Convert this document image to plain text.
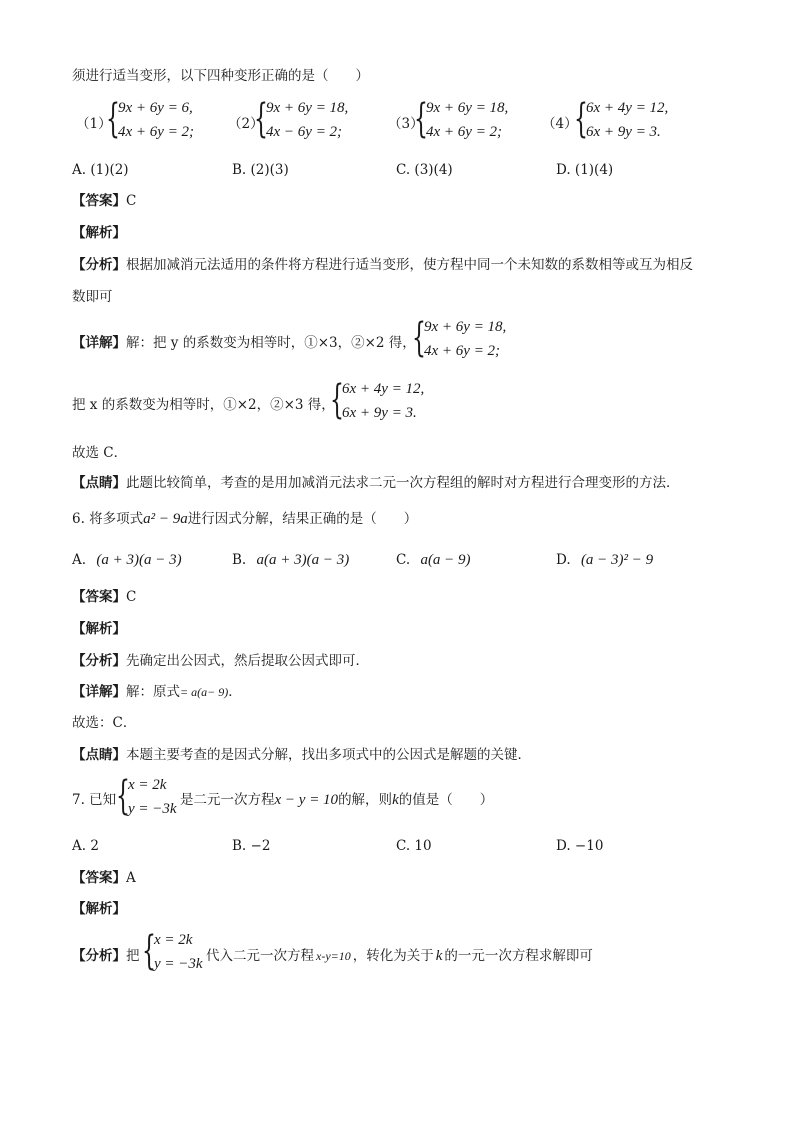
须进行适当变形，以下四种变形正确的是（　　）
（1）
{
9x + 6y = 6,
4x + 6y = 2;	（2）
{
9x + 6y = 18,
4x − 6y = 2;	（3）
{
9x + 6y = 18,
4x + 6y = 2;	（4）
{
6x + 4y = 12,
6x + 9y = 3.
A. (1)(2)	B. (2)(3)	C. (3)(4)	D. (1)(4)
【答案】C
【解析】
【分析】根据加减消元法适用的条件将方程进行适当变形，使方程中同一个未知数的系数相等或互为相反
数即可
【详解】解：把 y 的系数变为相等时，①×3，②×2 得，
{
9x + 6y = 18,
4x + 6y = 2;
把 x 的系数变为相等时，①×2，②×3 得，
{
6x + 4y = 12,
6x + 9y = 3.
故选 C．
【点睛】此题比较简单，考查的是用加减消元法求二元一次方程组的解时对方程进行合理变形的方法．
6. 将多项式a² − 9a进行因式分解，结果正确的是（　　）
A. (a + 3)(a − 3)	B. a(a + 3)(a − 3)	C. a(a − 9)	D. (a − 3)² − 9
【答案】C
【解析】
【分析】先确定出公因式，然后提取公因式即可．
【详解】解：原式= a(a− 9)．
故选：C．
【点睛】本题主要考查的是因式分解，找出多项式中的公因式是解题的关键．
7. 已知 {
x = 2k
y = −3k
是二元一次方程x − y = 10的解，则k的值是（　　）
A. 2	B. −2	C. 10	D. −10
【答案】A
【解析】
【分析】把 {
x = 2k
y = −3k 代入二元一次方程 x-y=10 ，转化为关于 k 的一元一次方程求解即可
